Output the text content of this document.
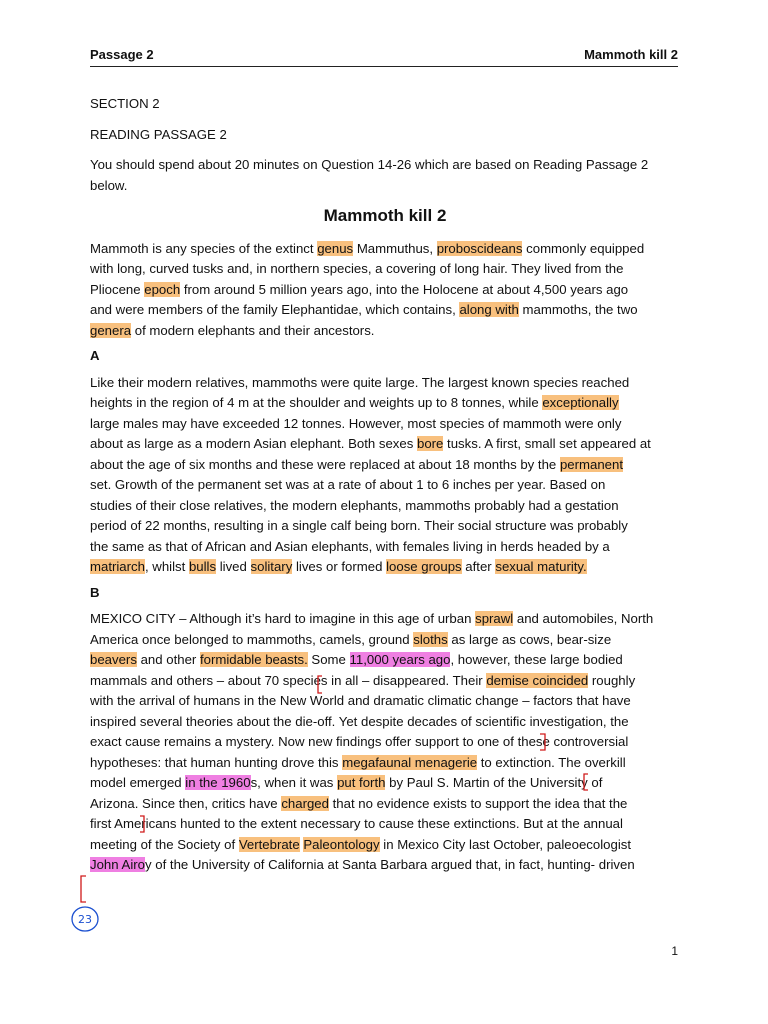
Passage 2	Mammoth kill 2
SECTION 2
READING PASSAGE 2
You should spend about 20 minutes on Question 14-26 which are based on Reading Passage 2
below.
Mammoth kill 2
Mammoth is any species of the extinct genus Mammuthus, proboscideans commonly equipped
with long, curved tusks and, in northern species, a covering of long hair. They lived from the
Pliocene epoch from around 5 million years ago, into the Holocene at about 4,500 years ago
and were members of the family Elephantidae, which contains, along with mammoths, the two
genera of modern elephants and their ancestors.
A
Like their modern relatives, mammoths were quite large. The largest known species reached
heights in the region of 4 m at the shoulder and weights up to 8 tonnes, while exceptionally
large males may have exceeded 12 tonnes. However, most species of mammoth were only
about as large as a modern Asian elephant. Both sexes bore tusks. A first, small set appeared at
about the age of six months and these were replaced at about 18 months by the permanent
set. Growth of the permanent set was at a rate of about 1 to 6 inches per year. Based on
studies of their close relatives, the modern elephants, mammoths probably had a gestation
period of 22 months, resulting in a single calf being born. Their social structure was probably
the same as that of African and Asian elephants, with females living in herds headed by a
matriarch, whilst bulls lived solitary lives or formed loose groups after sexual maturity.
B
MEXICO CITY – Although it’s hard to imagine in this age of urban sprawl and automobiles, North
America once belonged to mammoths, camels, ground sloths as large as cows, bear-size
beavers and other formidable beasts. Some 11,000 years ago, however, these large bodied
mammals and others – about 70 species in all – disappeared. Their demise coincided roughly
with the arrival of humans in the New World and dramatic climatic change – factors that have
inspired several theories about the die-off. Yet despite decades of scientific investigation, the
exact cause remains a mystery. Now new findings offer support to one of these controversial
hypotheses: that human hunting drove this megafaunal menagerie to extinction. The overkill
model emerged in the 1960s, when it was put forth by Paul S. Martin of the University of
Arizona. Since then, critics have charged that no evidence exists to support the idea that the
first Americans hunted to the extent necessary to cause these extinctions. But at the annual
meeting of the Society of Vertebrate Paleontology in Mexico City last October, paleoecologist
John Airoy of the University of California at Santa Barbara argued that, in fact, hunting- driven
23
1
